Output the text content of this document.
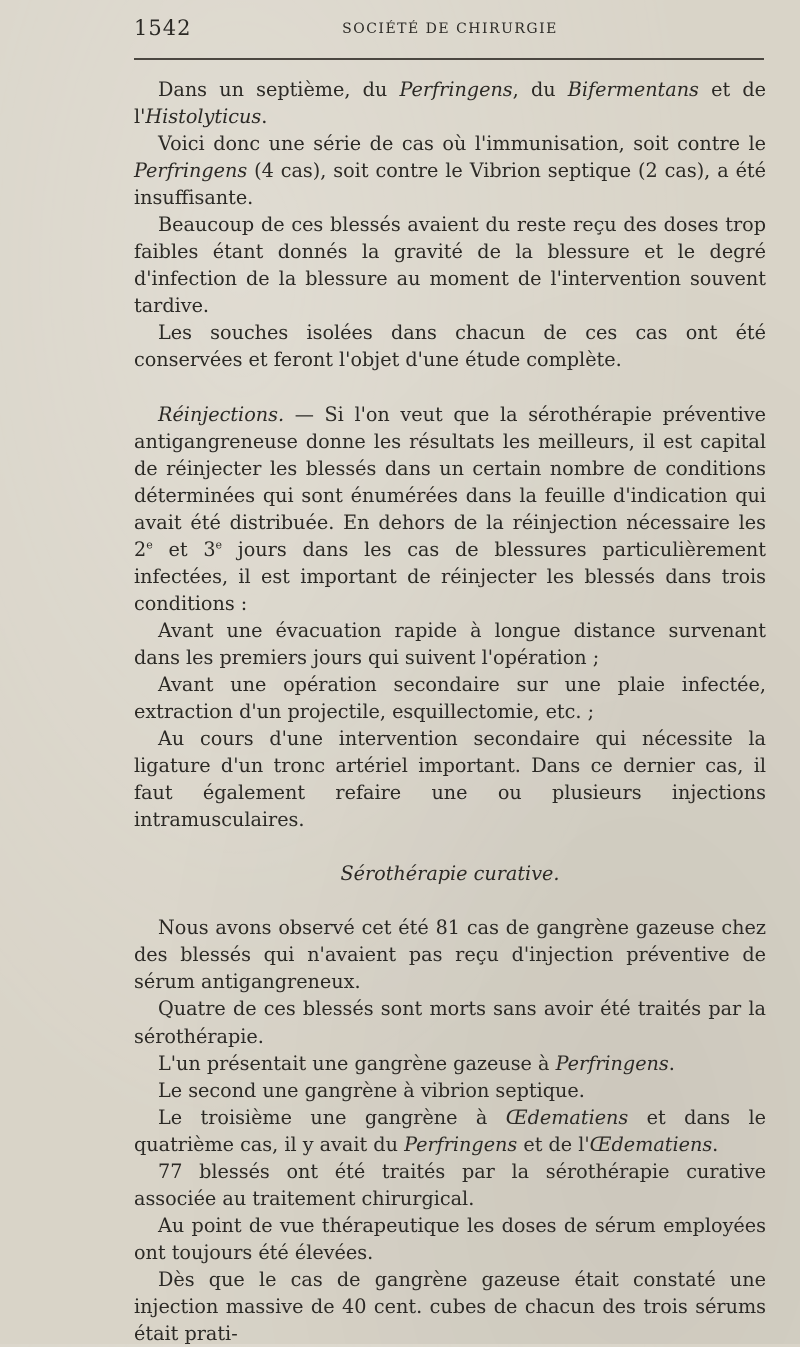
1542	SOCIÉTÉ DE CHIRURGIE

Dans un septième, du Perfringens, du Bifermentans et de l'Histolyticus.

Voici donc une série de cas où l'immunisation, soit contre le Perfringens (4 cas), soit contre le Vibrion septique (2 cas), a été insuffisante.

Beaucoup de ces blessés avaient du reste reçu des doses trop faibles étant donnés la gravité de la blessure et le degré d'infection de la blessure au moment de l'intervention souvent tardive.

Les souches isolées dans chacun de ces cas ont été conservées et feront l'objet d'une étude complète.

Réinjections. — Si l'on veut que la sérothérapie préventive antigangreneuse donne les résultats les meilleurs, il est capital de réinjecter les blessés dans un certain nombre de conditions déterminées qui sont énumérées dans la feuille d'indication qui avait été distribuée. En dehors de la réinjection nécessaire les 2e et 3e jours dans les cas de blessures particulièrement infectées, il est important de réinjecter les blessés dans trois conditions :

Avant une évacuation rapide à longue distance survenant dans les premiers jours qui suivent l'opération ;

Avant une opération secondaire sur une plaie infectée, extraction d'un projectile, esquillectomie, etc. ;

Au cours d'une intervention secondaire qui nécessite la ligature d'un tronc artériel important. Dans ce dernier cas, il faut également refaire une ou plusieurs injections intramusculaires.

Sérothérapie curative.

Nous avons observé cet été 81 cas de gangrène gazeuse chez des blessés qui n'avaient pas reçu d'injection préventive de sérum antigangreneux.

Quatre de ces blessés sont morts sans avoir été traités par la sérothérapie.

L'un présentait une gangrène gazeuse à Perfringens.

Le second une gangrène à vibrion septique.

Le troisième une gangrène à Œdematiens et dans le quatrième cas, il y avait du Perfringens et de l'Œdematiens.

77 blessés ont été traités par la sérothérapie curative associée au traitement chirurgical.

Au point de vue thérapeutique les doses de sérum employées ont toujours été élevées.

Dès que le cas de gangrène gazeuse était constaté une injection massive de 40 cent. cubes de chacun des trois sérums était prati-
